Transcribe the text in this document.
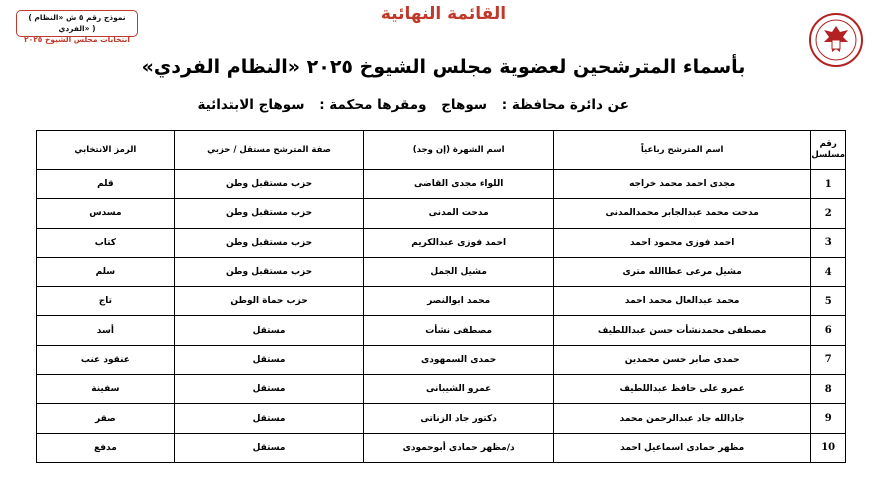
( نموذج رقم ٥ ش «النظام الفردي» )
انتخابات مجلس الشيوخ ٢٠٢٥
القائمة النهائية
بأسماء المترشحين لعضوية مجلس الشيوخ ٢٠٢٥ «النظام الفردي»
عن دائرة محافظة : سوهاج ومقرها محكمة : سوهاج الابتدائية
رقم مسلسل	اسم المترشح رباعياً	اسم الشهرة (إن وجد)	صفة المترشح مستقل / حزبي	الرمز الانتخابي
1	مجدى احمد محمد خراجه	اللواء مجدى القاضى	حزب مستقبل وطن	قلم
2	مدحت محمد عبدالجابر محمدالمدنى	مدحت المدنى	حزب مستقبل وطن	مسدس
3	احمد فوزى محمود احمد	احمد فوزى عبدالكريم	حزب مستقبل وطن	كتاب
4	مشيل مرعى عطاالله مترى	مشيل الجمل	حزب مستقبل وطن	سلم
5	محمد عبدالعال محمد احمد	محمد ابوالنصر	حزب حماة الوطن	تاج
6	مصطفى محمدنشأت حسن عبداللطيف	مصطفى نشأت	مستقل	أسد
7	حمدى صابر حسن محمدين	حمدى السمهودى	مستقل	عنقود عنب
8	عمرو على حافظ عبداللطيف	عمرو الشيبانى	مستقل	سفينة
9	جادالله جاد عبدالرحمن محمد	دكتور جاد الزناتى	مستقل	صقر
10	مظهر حمادى اسماعيل احمد	د/مظهر حمادى أبوحمودى	مستقل	مدفع
